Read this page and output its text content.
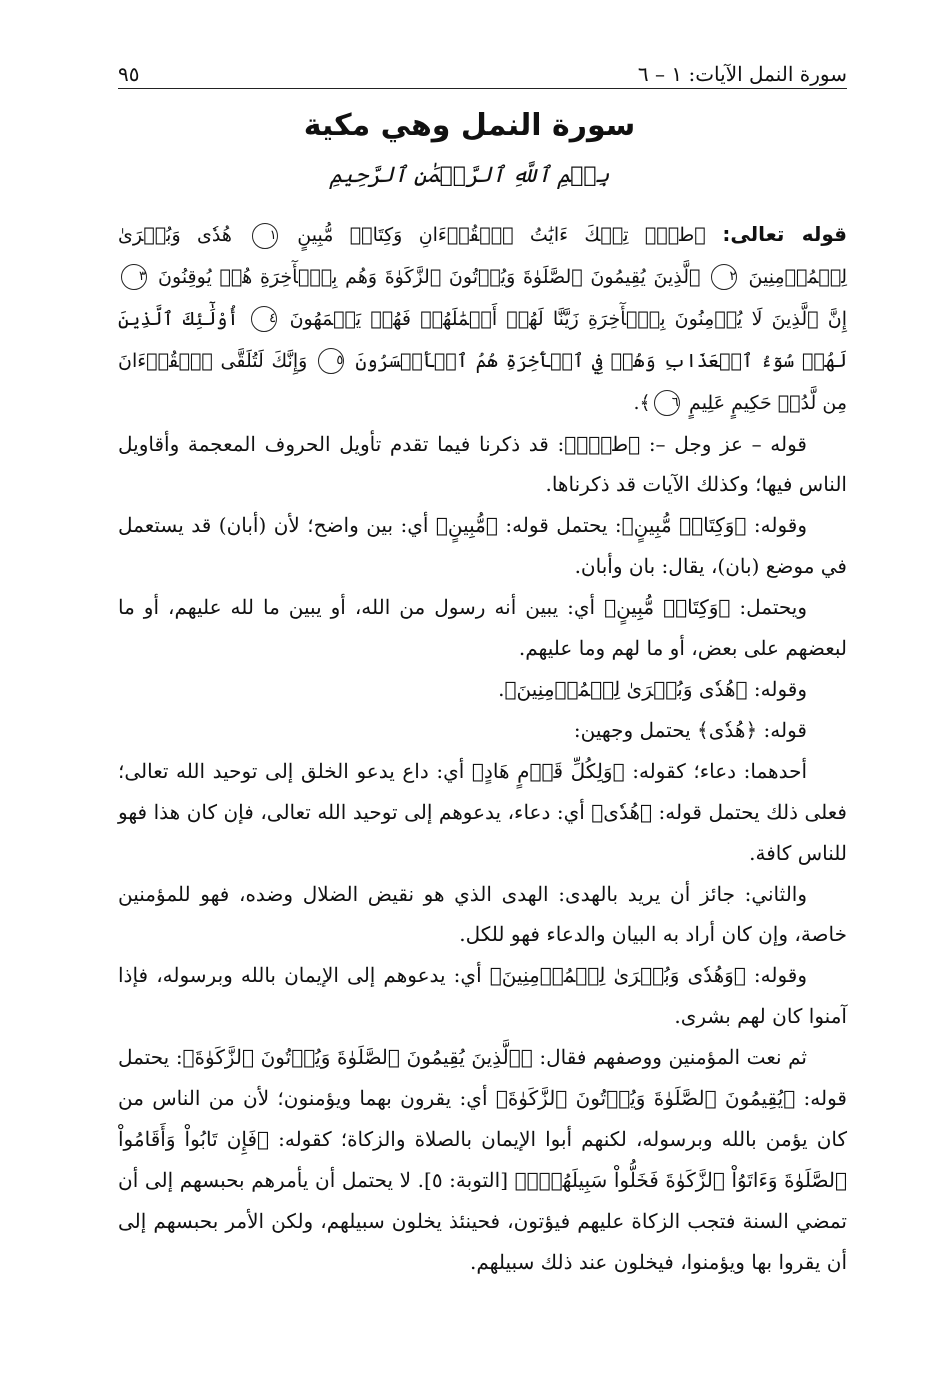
سورة النمل الآيات: ١ – ٦
٩٥
سورة النمل وهي مكية
بِسۡمِ ٱللَّهِ ٱلرَّحۡمَٰنِ ٱلرَّحِيمِ

قوله تعالى: ﴿طسٓۚ تِلۡكَ ءَايَٰتُ ٱلۡقُرۡءَانِ وَكِتَابٖ مُّبِينٍ ١ هُدٗى وَبُشۡرَىٰ لِلۡمُؤۡمِنِينَ ٢ ٱلَّذِينَ يُقِيمُونَ ٱلصَّلَوٰةَ وَيُؤۡتُونَ ٱلزَّكَوٰةَ وَهُم بِٱلۡأٓخِرَةِ هُمۡ يُوقِنُونَ ٣ إِنَّ ٱلَّذِينَ لَا يُؤۡمِنُونَ بِٱلۡأٓخِرَةِ زَيَّنَّا لَهُمۡ أَعۡمَٰلَهُمۡ فَهُمۡ يَعۡمَهُونَ ٤ أُوْلَٰٓئِكَ ٱلَّذِينَ لَهُمۡ سُوٓءُ ٱلۡعَذَابِ وَهُمۡ فِي ٱلۡأٓخِرَةِ هُمُ ٱلۡأَخۡسَرُونَ ٥ وَإِنَّكَ لَتُلَقَّى ٱلۡقُرۡءَانَ مِن لَّدُنۡ حَكِيمٍ عَلِيمٍ ٦﴾.

قوله – عز وجل –: ﴿طسٓۚ﴾: قد ذكرنا فيما تقدم تأويل الحروف المعجمة وأقاويل الناس فيها؛ وكذلك الآيات قد ذكرناها.

وقوله: ﴿وَكِتَابٖ مُّبِينٍ﴾: يحتمل قوله: ﴿مُّبِينٍ﴾ أي: بين واضح؛ لأن (أبان) قد يستعمل في موضع (بان)، يقال: بان وأبان.

ويحتمل: ﴿وَكِتَابٖ مُّبِينٍ﴾ أي: يبين أنه رسول من الله، أو يبين ما لله عليهم، أو ما لبعضهم على بعض، أو ما لهم وما عليهم.

وقوله: ﴿هُدٗى وَبُشۡرَىٰ لِلۡمُؤۡمِنِينَ﴾.

قوله: ﴿هُدٗى﴾ يحتمل وجهين:

أحدهما: دعاء؛ كقوله: ﴿وَلِكُلِّ قَوۡمٍ هَادٍ﴾ أي: داع يدعو الخلق إلى توحيد الله تعالى؛ فعلى ذلك يحتمل قوله: ﴿هُدٗى﴾ أي: دعاء، يدعوهم إلى توحيد الله تعالى، فإن كان هذا فهو للناس كافة.

والثاني: جائز أن يريد بالهدى: الهدى الذي هو نقيض الضلال وضده، فهو للمؤمنين خاصة، وإن كان أراد به البيان والدعاء فهو للكل.

وقوله: ﴿وَهُدٗى وَبُشۡرَىٰ لِلۡمُؤۡمِنِينَ﴾ أي: يدعوهم إلى الإيمان بالله وبرسوله، فإذا آمنوا كان لهم بشرى.

ثم نعت المؤمنين ووصفهم فقال: ﴿ٱلَّذِينَ يُقِيمُونَ ٱلصَّلَوٰةَ وَيُؤۡتُونَ ٱلزَّكَوٰةَ﴾: يحتمل قوله: ﴿يُقِيمُونَ ٱلصَّلَوٰةَ وَيُؤۡتُونَ ٱلزَّكَوٰةَ﴾ أي: يقرون بهما ويؤمنون؛ لأن من الناس من كان يؤمن بالله وبرسوله، لكنهم أبوا الإيمان بالصلاة والزكاة؛ كقوله: ﴿فَإِن تَابُواْ وَأَقَامُواْ ٱلصَّلَوٰةَ وَءَاتَوُاْ ٱلزَّكَوٰةَ فَخَلُّواْ سَبِيلَهُمۡۚ﴾ [التوبة: ٥]. لا يحتمل أن يأمرهم بحبسهم إلى أن تمضي السنة فتجب الزكاة عليهم فيؤتون، فحينئذ يخلون سبيلهم، ولكن الأمر بحبسهم إلى أن يقروا بها ويؤمنوا، فيخلون عند ذلك سبيلهم.
